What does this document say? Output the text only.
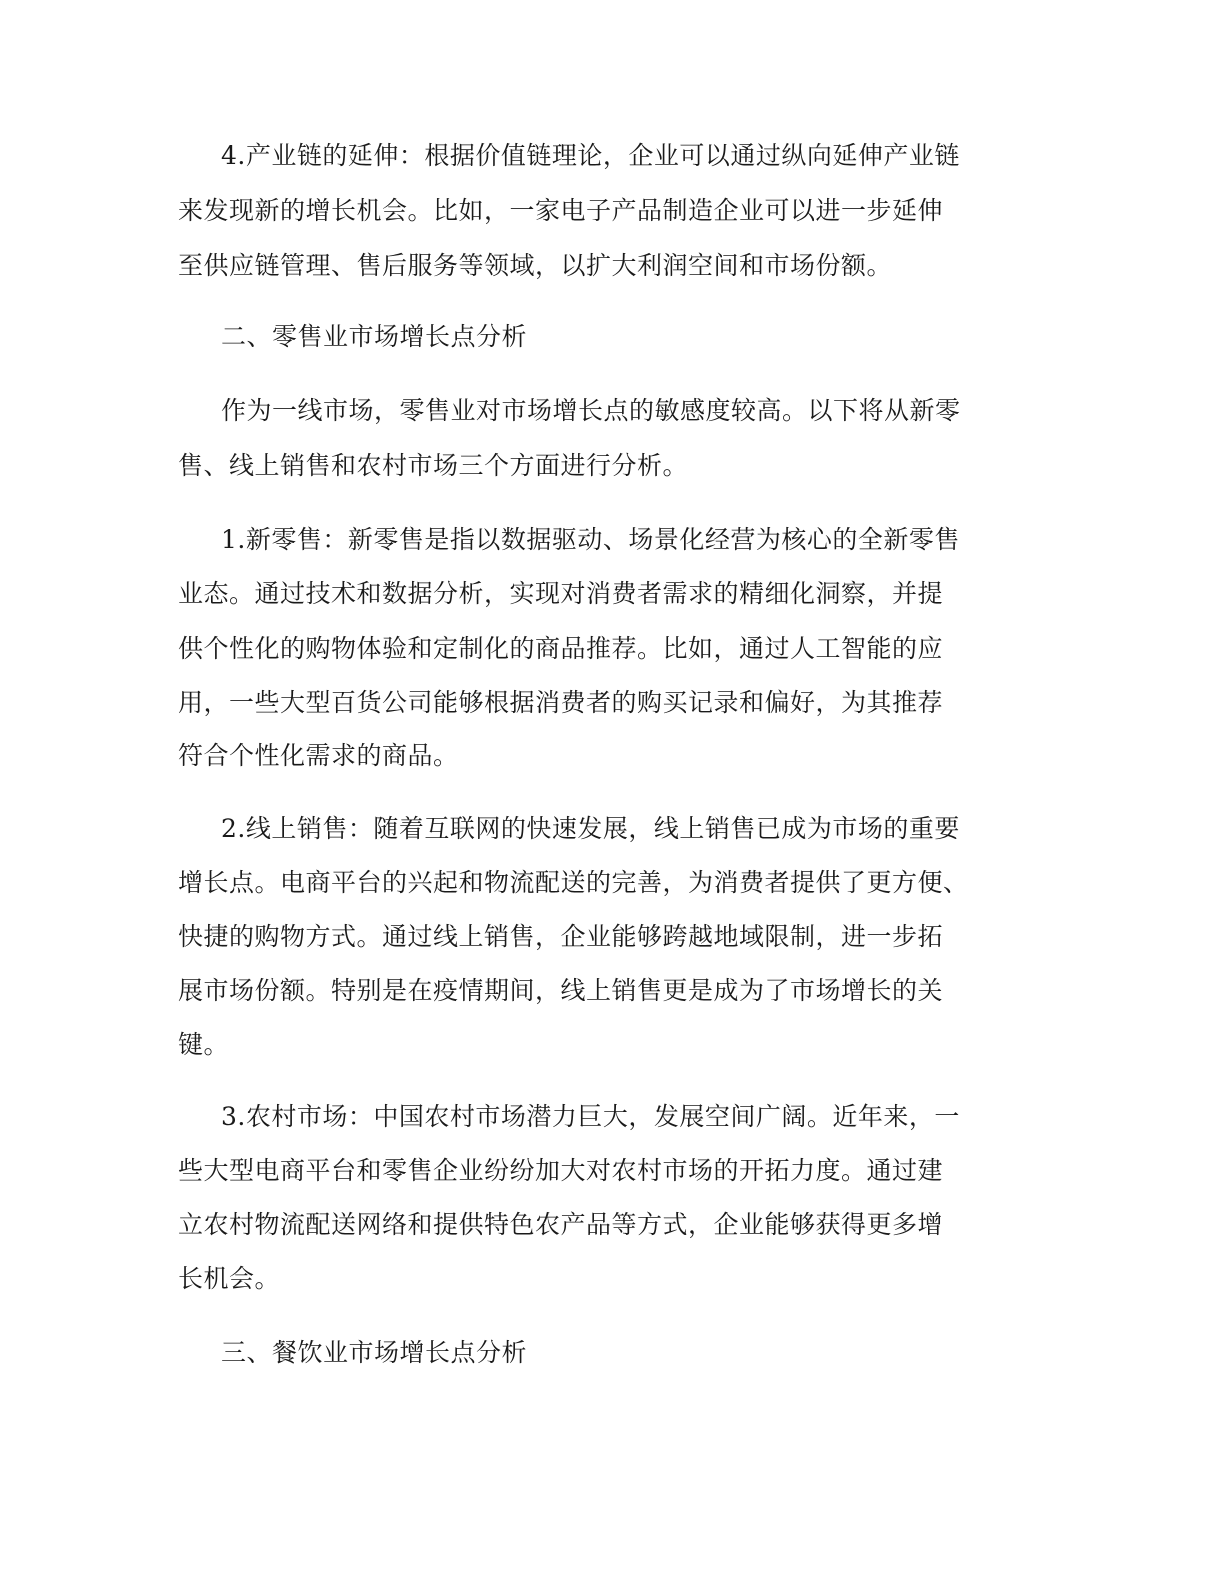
4.产业链的延伸：根据价值链理论，企业可以通过纵向延伸产业链

来发现新的增长机会。比如，一家电子产品制造企业可以进一步延伸

至供应链管理、售后服务等领域，以扩大利润空间和市场份额。

二、零售业市场增长点分析

作为一线市场，零售业对市场增长点的敏感度较高。以下将从新零

售、线上销售和农村市场三个方面进行分析。

1.新零售：新零售是指以数据驱动、场景化经营为核心的全新零售

业态。通过技术和数据分析，实现对消费者需求的精细化洞察，并提

供个性化的购物体验和定制化的商品推荐。比如，通过人工智能的应

用，一些大型百货公司能够根据消费者的购买记录和偏好，为其推荐

符合个性化需求的商品。

2.线上销售：随着互联网的快速发展，线上销售已成为市场的重要

增长点。电商平台的兴起和物流配送的完善，为消费者提供了更方便、

快捷的购物方式。通过线上销售，企业能够跨越地域限制，进一步拓

展市场份额。特别是在疫情期间，线上销售更是成为了市场增长的关

键。

3.农村市场：中国农村市场潜力巨大，发展空间广阔。近年来，一

些大型电商平台和零售企业纷纷加大对农村市场的开拓力度。通过建

立农村物流配送网络和提供特色农产品等方式，企业能够获得更多增

长机会。

三、餐饮业市场增长点分析
